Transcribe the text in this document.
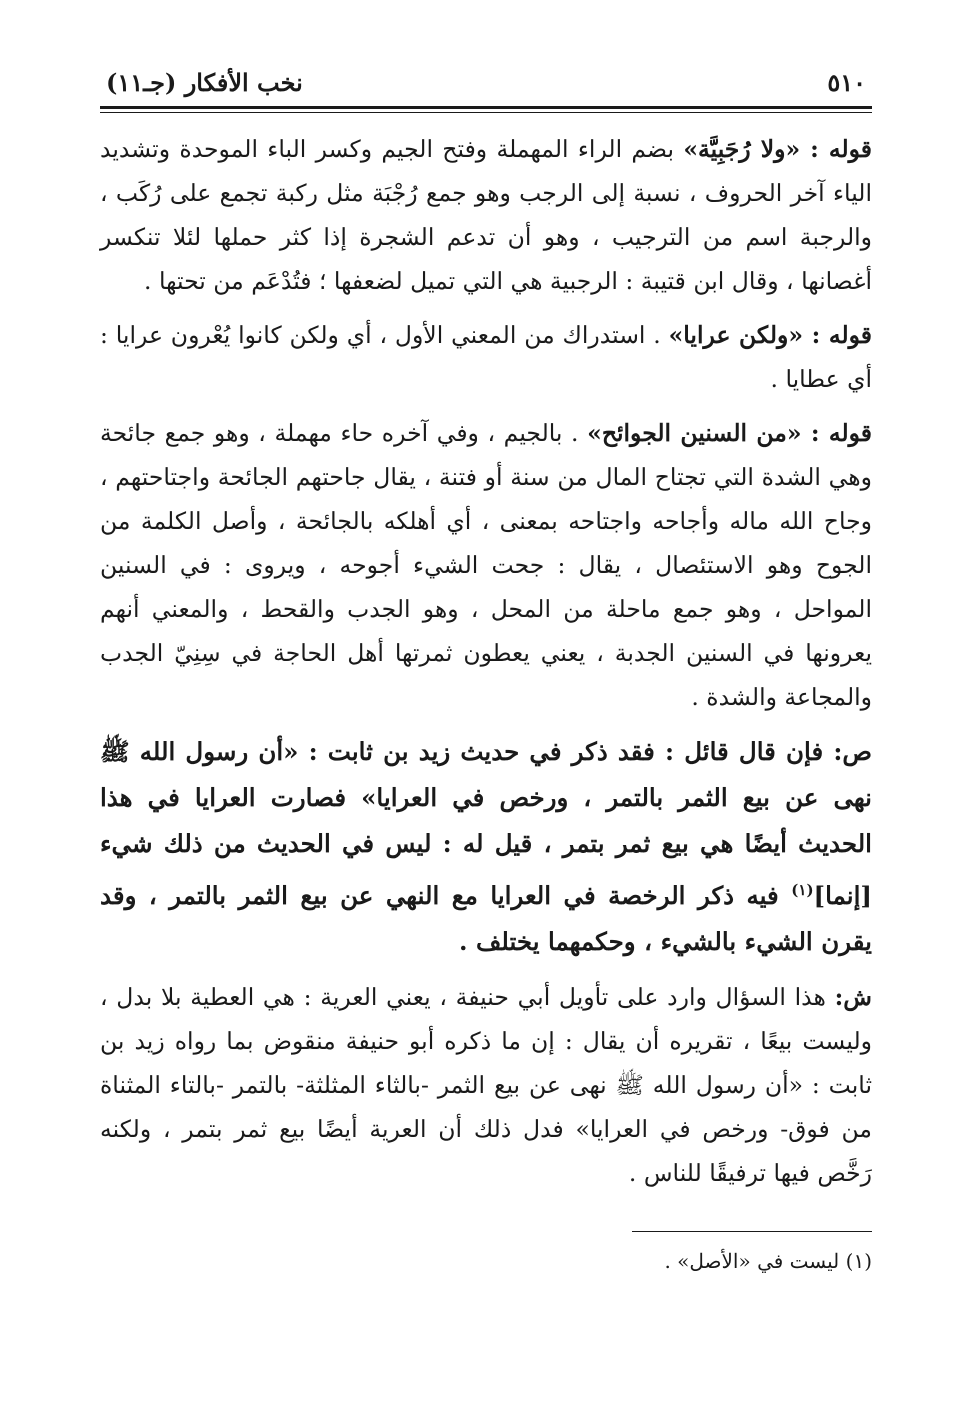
٥١٠
نخب الأفكار (جـ١١)

قوله : «ولا رُجَبِيَّة» بضم الراء المهملة وفتح الجيم وكسر الباء الموحدة وتشديد الياء آخر الحروف ، نسبة إلى الرجب وهو جمع رُجْبَة مثل ركبة تجمع على رُكَب ، والرجبة اسم من الترجيب ، وهو أن تدعم الشجرة إذا كثر حملها لئلا تنكسر أغصانها ، وقال ابن قتيبة : الرجبية هي التي تميل لضعفها ؛ فتُدْعَم من تحتها .

قوله : «ولكن عرايا» . استدراك من المعني الأول ، أي ولكن كانوا يُعْرون عرايا : أي عطايا .

قوله : «من السنين الجوائح» . بالجيم ، وفي آخره حاء مهملة ، وهو جمع جائحة وهي الشدة التي تجتاح المال من سنة أو فتنة ، يقال جاحتهم الجائحة واجتاحتهم ، وجاح الله ماله وأجاحه واجتاحه بمعنى ، أي أهلكه بالجائحة ، وأصل الكلمة من الجوح وهو الاستئصال ، يقال : جحت الشيء أجوحه ، ويروى : في السنين المواحل ، وهو جمع ماحلة من المحل ، وهو الجدب والقحط ، والمعني أنهم يعرونها في السنين الجدبة ، يعني يعطون ثمرتها أهل الحاجة في سِنِيّ الجدب والمجاعة والشدة .

ص: فإن قال قائل : فقد ذكر في حديث زيد بن ثابت : «أن رسول الله ﷺ نهى عن بيع الثمر بالتمر ، ورخص في العرايا» فصارت العرايا في هذا الحديث أيضًا هي بيع ثمر بتمر ، قيل له : ليس في الحديث من ذلك شيء [إنما]$^{(١)}$ فيه ذكر الرخصة في العرايا مع النهي عن بيع الثمر بالتمر ، وقد يقرن الشيء بالشيء ، وحكمهما يختلف .

ش: هذا السؤال وارد على تأويل أبي حنيفة ، يعني العرية : هي العطية بلا بدل ، وليست بيعًا ، تقريره أن يقال : إن ما ذكره أبو حنيفة منقوض بما رواه زيد بن ثابت : «أن رسول الله ﷺ نهى عن بيع الثمر -بالثاء المثلثة- بالتمر -بالتاء المثناة من فوق- ورخص في العرايا» فدل ذلك أن العرية أيضًا بيع ثمر بتمر ، ولكنه رَخَّص فيها ترفيقًا للناس .

(١) ليست في «الأصل» .
